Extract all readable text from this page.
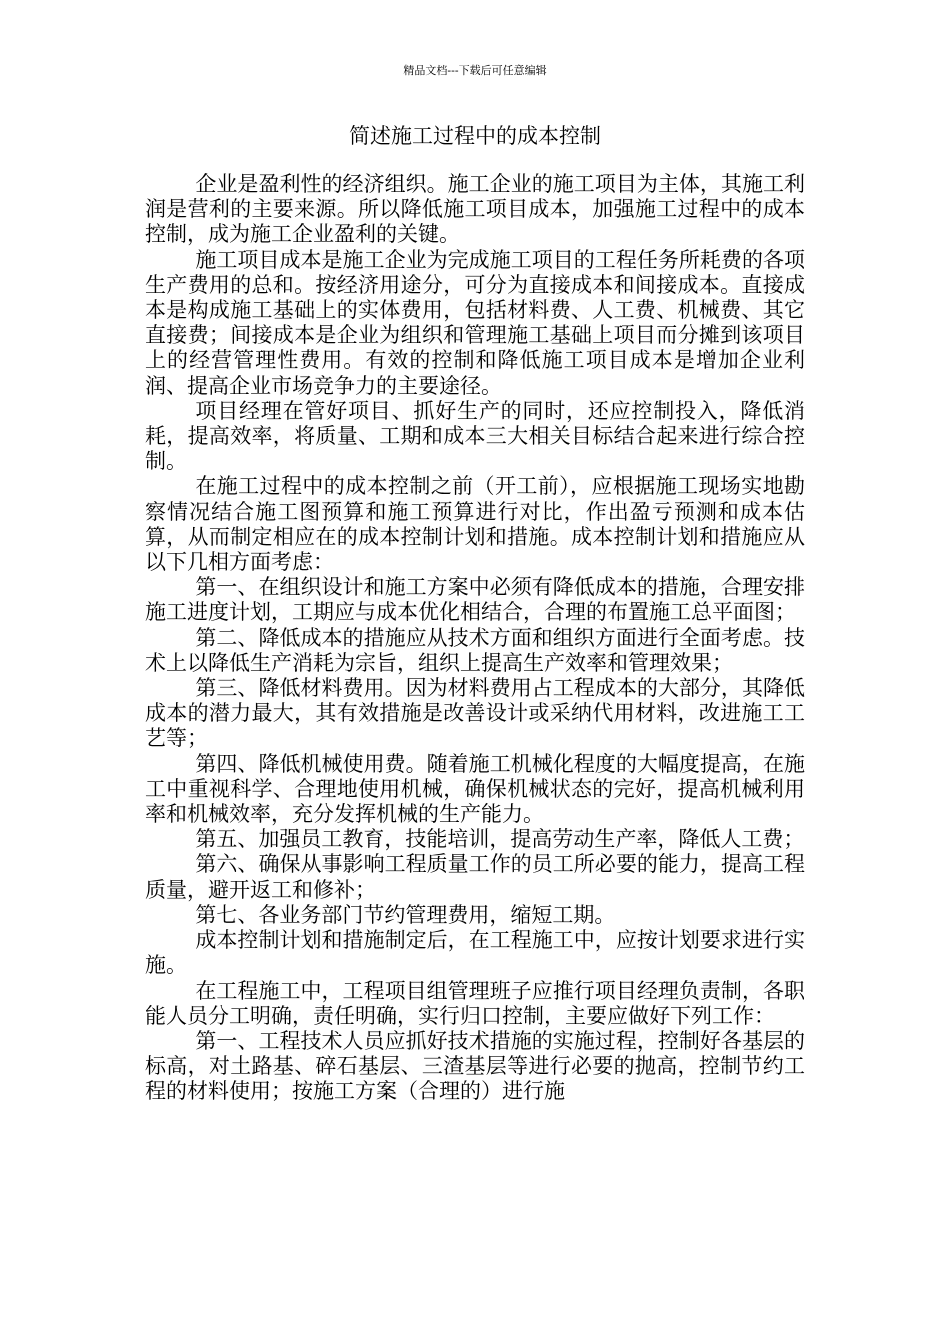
精品文档---下载后可任意编辑
简述施工过程中的成本控制

企业是盈利性的经济组织。施工企业的施工项目为主体，其施工利润是营利的主要来源。所以降低施工项目成本，加强施工过程中的成本控制，成为施工企业盈利的关键。

施工项目成本是施工企业为完成施工项目的工程任务所耗费的各项生产费用的总和。按经济用途分，可分为直接成本和间接成本。直接成本是构成施工基础上的实体费用，包括材料费、人工费、机械费、其它直接费；间接成本是企业为组织和管理施工基础上项目而分摊到该项目上的经营管理性费用。有效的控制和降低施工项目成本是增加企业利润、提高企业市场竞争力的主要途径。

项目经理在管好项目、抓好生产的同时，还应控制投入，降低消耗，提高效率，将质量、工期和成本三大相关目标结合起来进行综合控制。

在施工过程中的成本控制之前（开工前），应根据施工现场实地勘察情况结合施工图预算和施工预算进行对比，作出盈亏预测和成本估算，从而制定相应在的成本控制计划和措施。成本控制计划和措施应从以下几相方面考虑：

第一、在组织设计和施工方案中必须有降低成本的措施，合理安排施工进度计划，工期应与成本优化相结合，合理的布置施工总平面图；

第二、降低成本的措施应从技术方面和组织方面进行全面考虑。技术上以降低生产消耗为宗旨，组织上提高生产效率和管理效果；

第三、降低材料费用。因为材料费用占工程成本的大部分，其降低成本的潜力最大，其有效措施是改善设计或采纳代用材料，改进施工工艺等；

第四、降低机械使用费。随着施工机械化程度的大幅度提高，在施工中重视科学、合理地使用机械，确保机械状态的完好，提高机械利用率和机械效率，充分发挥机械的生产能力。

第五、加强员工教育，技能培训，提高劳动生产率，降低人工费；

第六、确保从事影响工程质量工作的员工所必要的能力，提高工程质量，避开返工和修补；

第七、各业务部门节约管理费用，缩短工期。

成本控制计划和措施制定后，在工程施工中，应按计划要求进行实施。

在工程施工中，工程项目组管理班子应推行项目经理负责制，各职能人员分工明确，责任明确，实行归口控制，主要应做好下列工作：

第一、工程技术人员应抓好技术措施的实施过程，控制好各基层的标高，对土路基、碎石基层、三渣基层等进行必要的抛高，控制节约工程的材料使用；按施工方案（合理的）进行施
